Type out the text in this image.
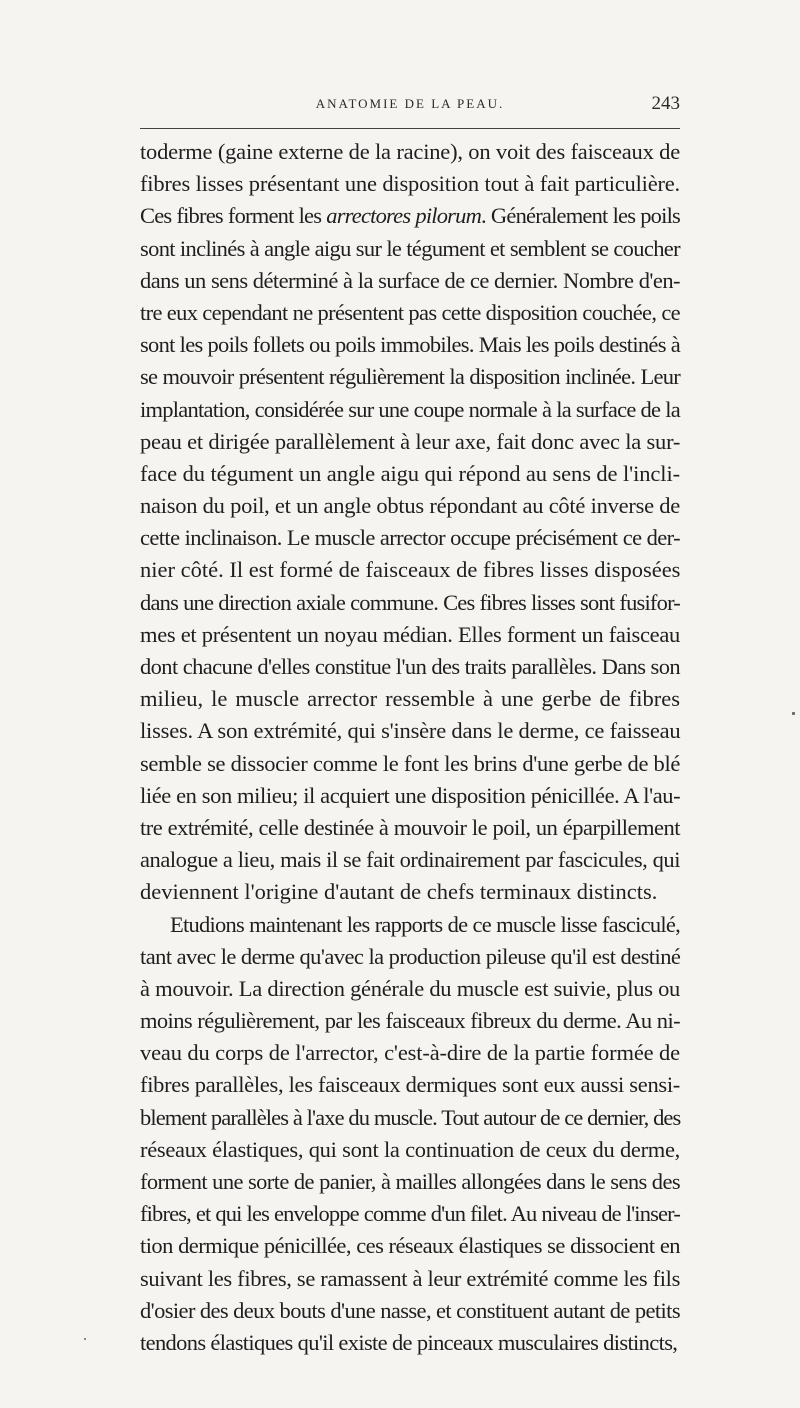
ANATOMIE DE LA PEAU.	243
toderme (gaine externe de la racine), on voit des faisceaux de
fibres lisses présentant une disposition tout à fait particulière.
Ces fibres forment les arrectores pilorum. Généralement les poils
sont inclinés à angle aigu sur le tégument et semblent se coucher
dans un sens déterminé à la surface de ce dernier. Nombre d'en-
tre eux cependant ne présentent pas cette disposition couchée, ce
sont les poils follets ou poils immobiles. Mais les poils destinés à
se mouvoir présentent régulièrement la disposition inclinée. Leur
implantation, considérée sur une coupe normale à la surface de la
peau et dirigée parallèlement à leur axe, fait donc avec la sur-
face du tégument un angle aigu qui répond au sens de l'incli-
naison du poil, et un angle obtus répondant au côté inverse de
cette inclinaison. Le muscle arrector occupe précisément ce der-
nier côté. Il est formé de faisceaux de fibres lisses disposées
dans une direction axiale commune. Ces fibres lisses sont fusifor-
mes et présentent un noyau médian. Elles forment un faisceau
dont chacune d'elles constitue l'un des traits parallèles. Dans son
milieu, le muscle arrector ressemble à une gerbe de fibres
lisses. A son extrémité, qui s'insère dans le derme, ce faisseau
semble se dissocier comme le font les brins d'une gerbe de blé
liée en son milieu; il acquiert une disposition pénicillée. A l'au-
tre extrémité, celle destinée à mouvoir le poil, un éparpillement
analogue a lieu, mais il se fait ordinairement par fascicules, qui
deviennent l'origine d'autant de chefs terminaux distincts.
Etudions maintenant les rapports de ce muscle lisse fasciculé,
tant avec le derme qu'avec la production pileuse qu'il est destiné
à mouvoir. La direction générale du muscle est suivie, plus ou
moins régulièrement, par les faisceaux fibreux du derme. Au ni-
veau du corps de l'arrector, c'est-à-dire de la partie formée de
fibres parallèles, les faisceaux dermiques sont eux aussi sensi-
blement parallèles à l'axe du muscle. Tout autour de ce dernier, des
réseaux élastiques, qui sont la continuation de ceux du derme,
forment une sorte de panier, à mailles allongées dans le sens des
fibres, et qui les enveloppe comme d'un filet. Au niveau de l'inser-
tion dermique pénicillée, ces réseaux élastiques se dissocient en
suivant les fibres, se ramassent à leur extrémité comme les fils
d'osier des deux bouts d'une nasse, et constituent autant de petits
tendons élastiques qu'il existe de pinceaux musculaires distincts,
